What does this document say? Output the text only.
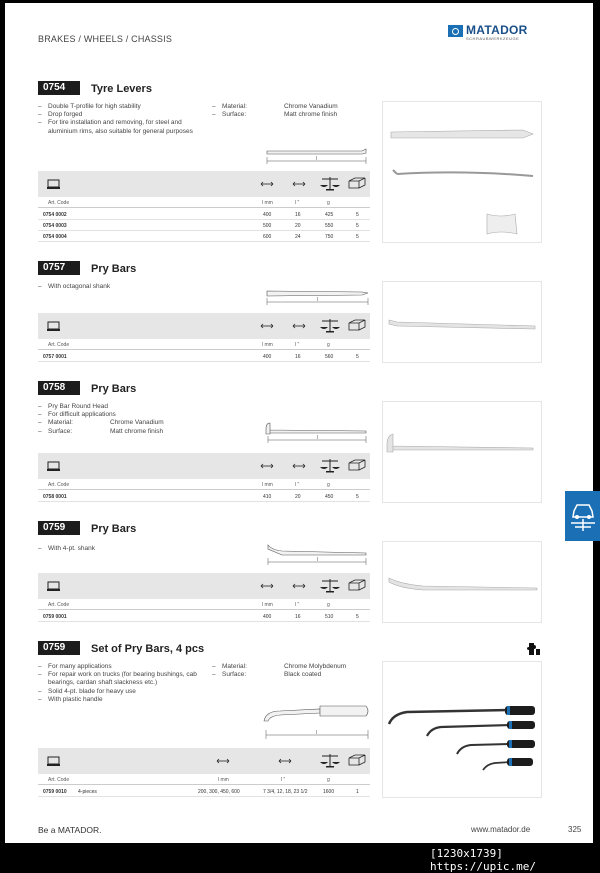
BRAKES / WHEELS / CHASSIS
MATADOR
SCHRAUBWERKZEUGE
0754	Tyre Levers
– Double T-profile for high stability
– Drop forged
– For tire installation and removing, for steel and aluminium rims, also suitable for general purposes
– Material:	Chrome Vanadium
– Surface:	Matt chrome finish
l
Art. Code	l mm	l "	g
0754 0002	400	16	425	5
0754 0003	500	20	550	5
0754 0004	600	24	750	5
0757	Pry Bars
– With octagonal shank
l
Art. Code	l mm	l "	g
0757 0001	400	16	560	5
0758	Pry Bars
– Pry Bar Round Head
– For difficult applications
– Material:	Chrome Vanadium
– Surface:	Matt chrome finish
l
Art. Code	l mm	l "	g
0758 0001	410	20	450	5
0759	Pry Bars
– With 4-pt. shank
l
Art. Code	l mm	l "	g
0759 0001	400	16	510	5
0759	Set of Pry Bars, 4 pcs
– For many applications
– For repair work on trucks (for bearing bushings, cab bearings, cardan shaft slackness etc.)
– Solid 4-pt. blade for heavy use
– With plastic handle
– Material:	Chrome Molybdenum
– Surface:	Black coated
l
Art. Code	l mm	l "	g
0759 0010 4-pieces	200, 300, 450, 600	7 3/4, 12, 18, 23 1/2	1600	1
Be a MATADOR.	www.matador.de	325
[1230x1739] https://upic.me/
